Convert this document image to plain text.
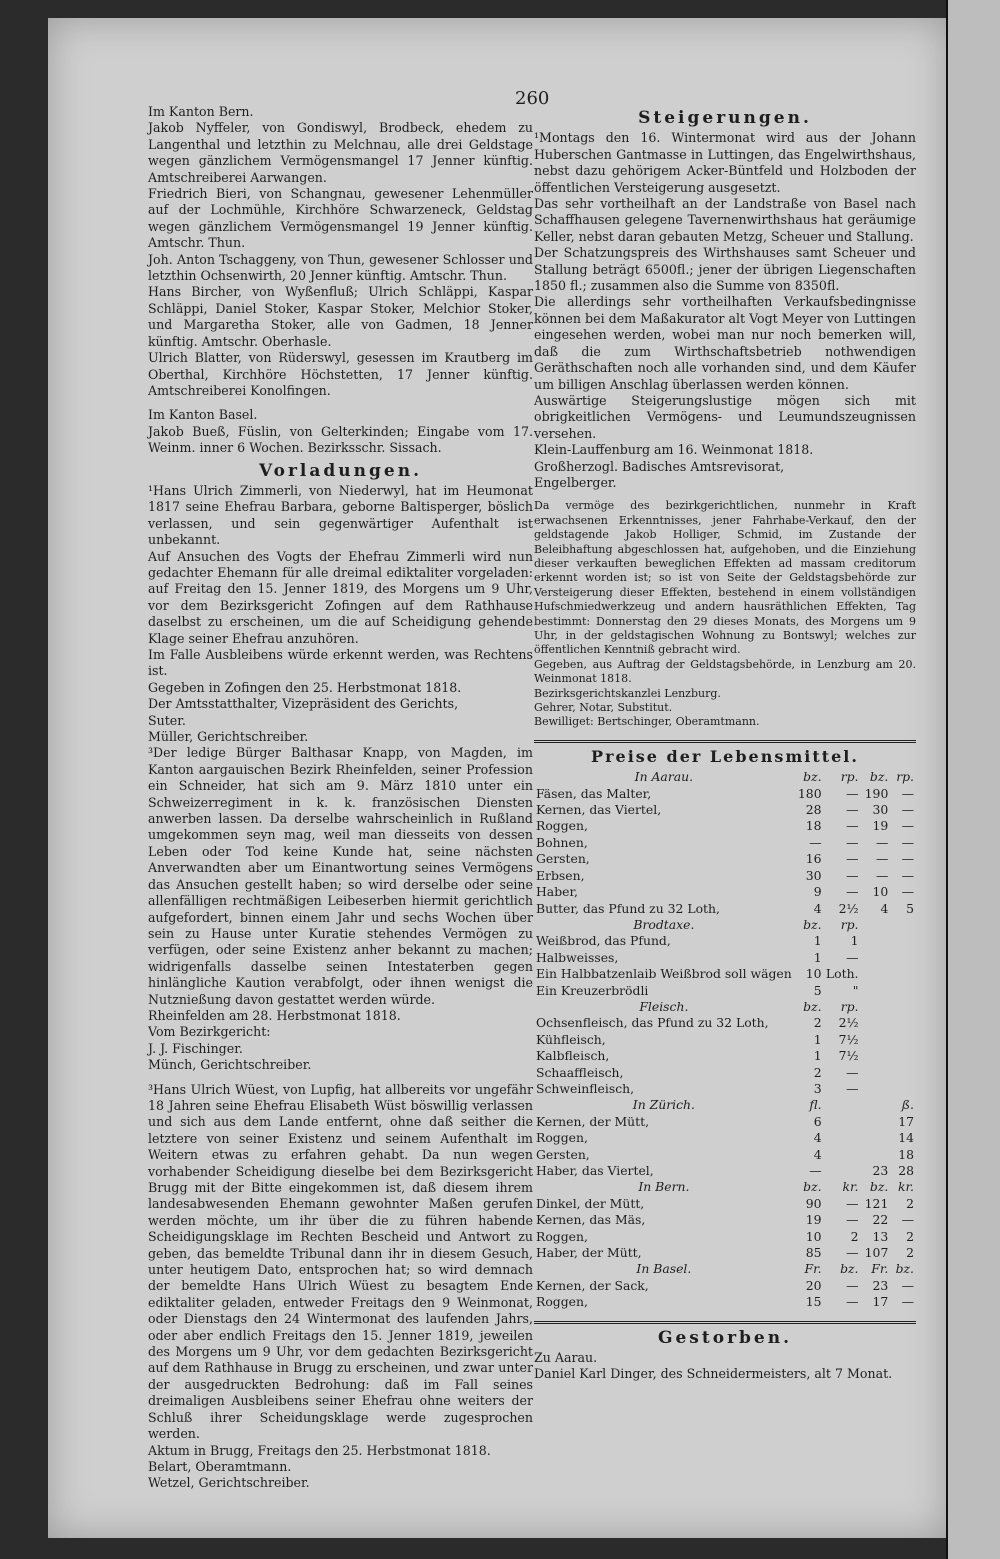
260

Im Kanton Bern.

Jakob Nyffeler, von Gondiswyl, Brodbeck, ehedem zu Langenthal und letzthin zu Melchnau, alle drei Geldstage wegen gänzlichem Vermögensmangel 17 Jenner künftig. Amtschreiberei Aarwangen.

Friedrich Bieri, von Schangnau, gewesener Lehenmüller auf der Lochmühle, Kirchhöre Schwarzeneck, Geldstag wegen gänzlichem Vermögensmangel 19 Jenner künftig. Amtschr. Thun.

Joh. Anton Tschaggeny, von Thun, gewesener Schlosser und letzthin Ochsenwirth, 20 Jenner künftig. Amtschr. Thun.

Hans Bircher, von Wyßenfluß; Ulrich Schläppi, Kaspar Schläppi, Daniel Stoker, Kaspar Stoker, Melchior Stoker, und Margaretha Stoker, alle von Gadmen, 18 Jenner künftig. Amtschr. Oberhasle.

Ulrich Blatter, von Rüderswyl, gesessen im Krautberg im Oberthal, Kirchhöre Höchstetten, 17 Jenner künftig. Amtschreiberei Konolfingen.

Im Kanton Basel.

Jakob Bueß, Füslin, von Gelterkinden; Eingabe vom 17. Weinm. inner 6 Wochen. Bezirksschr. Sissach.

Vorladungen.

¹Hans Ulrich Zimmerli, von Niederwyl, hat im Heumonat 1817 seine Ehefrau Barbara, geborne Baltisperger, böslich verlassen, und sein gegenwärtiger Aufenthalt ist unbekannt.

Auf Ansuchen des Vogts der Ehefrau Zimmerli wird nun gedachter Ehemann für alle dreimal ediktaliter vorgeladen: auf Freitag den 15. Jenner 1819, des Morgens um 9 Uhr, vor dem Bezirksgericht Zofingen auf dem Rathhause daselbst zu erscheinen, um die auf Scheidigung gehende Klage seiner Ehefrau anzuhören.

Im Falle Ausbleibens würde erkennt werden, was Rechtens ist.

Gegeben in Zofingen den 25. Herbstmonat 1818.

Der Amtsstatthalter, Vizepräsident des Gerichts,

Suter.

Müller, Gerichtschreiber.

³Der ledige Bürger Balthasar Knapp, von Magden, im Kanton aargauischen Bezirk Rheinfelden, seiner Profession ein Schneider, hat sich am 9. März 1810 unter ein Schweizerregiment in k. k. französischen Diensten anwerben lassen. Da derselbe wahrscheinlich in Rußland umgekommen seyn mag, weil man diesseits von dessen Leben oder Tod keine Kunde hat, seine nächsten Anverwandten aber um Einantwortung seines Vermögens das Ansuchen gestellt haben; so wird derselbe oder seine allenfälligen rechtmäßigen Leibeserben hiermit gerichtlich aufgefordert, binnen einem Jahr und sechs Wochen über sein zu Hause unter Kuratie stehendes Vermögen zu verfügen, oder seine Existenz anher bekannt zu machen; widrigenfalls dasselbe seinen Intestaterben gegen hinlängliche Kaution verabfolgt, oder ihnen wenigst die Nutznießung davon gestattet werden würde.

Rheinfelden am 28. Herbstmonat 1818.

Vom Bezirkgericht:

J. J. Fischinger.

Münch, Gerichtschreiber.

³Hans Ulrich Wüest, von Lupfig, hat allbereits vor ungefähr 18 Jahren seine Ehefrau Elisabeth Wüst böswillig verlassen und sich aus dem Lande entfernt, ohne daß seither die letztere von seiner Existenz und seinem Aufenthalt im Weitern etwas zu erfahren gehabt. Da nun wegen vorhabender Scheidigung dieselbe bei dem Bezirksgericht Brugg mit der Bitte eingekommen ist, daß diesem ihrem landesabwesenden Ehemann gewohnter Maßen gerufen werden möchte, um ihr über die zu führen habende Scheidigungsklage im Rechten Bescheid und Antwort zu geben, das bemeldte Tribunal dann ihr in diesem Gesuch, unter heutigem Dato, entsprochen hat; so wird demnach der bemeldte Hans Ulrich Wüest zu besagtem Ende ediktaliter geladen, entweder Freitags den 9 Weinmonat, oder Dienstags den 24 Wintermonat des laufenden Jahrs, oder aber endlich Freitags den 15. Jenner 1819, jeweilen des Morgens um 9 Uhr, vor dem gedachten Bezirksgericht auf dem Rathhause in Brugg zu erscheinen, und zwar unter der ausgedruckten Bedrohung: daß im Fall seines dreimaligen Ausbleibens seiner Ehefrau ohne weiters der Schluß ihrer Scheidungsklage werde zugesprochen werden.

Aktum in Brugg, Freitags den 25. Herbstmonat 1818.

Belart, Oberamtmann.

Wetzel, Gerichtschreiber.

Steigerungen.

¹Montags den 16. Wintermonat wird aus der Johann Huberschen Gantmasse in Luttingen, das Engelwirthshaus, nebst dazu gehörigem Acker-Büntfeld und Holzboden der öffentlichen Versteigerung ausgesetzt.

Das sehr vortheilhaft an der Landstraße von Basel nach Schaffhausen gelegene Tavernenwirthshaus hat geräumige Keller, nebst daran gebauten Metzg, Scheuer und Stallung.

Der Schatzungspreis des Wirthshauses samt Scheuer und Stallung beträgt 6500fl.; jener der übrigen Liegenschaften 1850 fl.; zusammen also die Summe von 8350fl.

Die allerdings sehr vortheilhaften Verkaufsbedingnisse können bei dem Maßakurator alt Vogt Meyer von Luttingen eingesehen werden, wobei man nur noch bemerken will, daß die zum Wirthschaftsbetrieb nothwendigen Geräthschaften noch alle vorhanden sind, und dem Käufer um billigen Anschlag überlassen werden können.

Auswärtige Steigerungslustige mögen sich mit obrigkeitlichen Vermögens- und Leumundszeugnissen versehen.

Klein-Lauffenburg am 16. Weinmonat 1818.

Großherzogl. Badisches Amtsrevisorat,

Engelberger.

Da vermöge des bezirkgerichtlichen, nunmehr in Kraft erwachsenen Erkenntnisses, jener Fahrhabe-Verkauf, den der geldstagende Jakob Holliger, Schmid, im Zustande der Beleibhaftung abgeschlossen hat, aufgehoben, und die Einziehung dieser verkauften beweglichen Effekten ad massam creditorum erkennt worden ist; so ist von Seite der Geldstagsbehörde zur Versteigerung dieser Effekten, bestehend in einem vollständigen Hufschmiedwerkzeug und andern hausräthlichen Effekten, Tag bestimmt: Donnerstag den 29 dieses Monats, des Morgens um 9 Uhr, in der geldstagischen Wohnung zu Bontswyl; welches zur öffentlichen Kenntniß gebracht wird.

Gegeben, aus Auftrag der Geldstagsbehörde, in Lenzburg am 20. Weinmonat 1818.

Bezirksgerichtskanzlei Lenzburg.

Gehrer, Notar, Substitut.

Bewilliget: Bertschinger, Oberamtmann.

Preise der Lebensmittel.
In Aarau.	bz.	rp.	bz.	rp.
Fäsen, das Malter,	180	—	190	—
Kernen, das Viertel,	28	—	30	—
Roggen,	18	—	19	—
Bohnen,	—	—	—	—
Gersten,	16	—	—	—
Erbsen,	30	—	—	—
Haber,	9	—	10	—
Butter, das Pfund zu 32 Loth,	4	2½	4	5
Brodtaxe.	bz.	rp.		
Weißbrod, das Pfund,	1	1		
Halbweisses,	1	—		
Ein Halbbatzenlaib Weißbrod soll wägen	10	Loth.		
Ein Kreuzerbrödli	5	"		
Fleisch.	bz.	rp.		
Ochsenfleisch, das Pfund zu 32 Loth,	2	2½		
Kühfleisch,	1	7½		
Kalbfleisch,	1	7½		
Schaaffleisch,	2	—		
Schweinfleisch,	3	—		
In Zürich.	fl.			ß.
Kernen, der Mütt,	6			17
Roggen,	4			14
Gersten,	4			18
Haber, das Viertel,	—		23	28
In Bern.	bz.	kr.	bz.	kr.
Dinkel, der Mütt,	90	—	121	2
Kernen, das Mäs,	19	—	22	—
Roggen,	10	2	13	2
Haber, der Mütt,	85	—	107	2
In Basel.	Fr.	bz.	Fr.	bz.
Kernen, der Sack,	20	—	23	—
Roggen,	15	—	17	—
Gestorben.

Zu Aarau.

Daniel Karl Dinger, des Schneidermeisters, alt 7 Monat.
